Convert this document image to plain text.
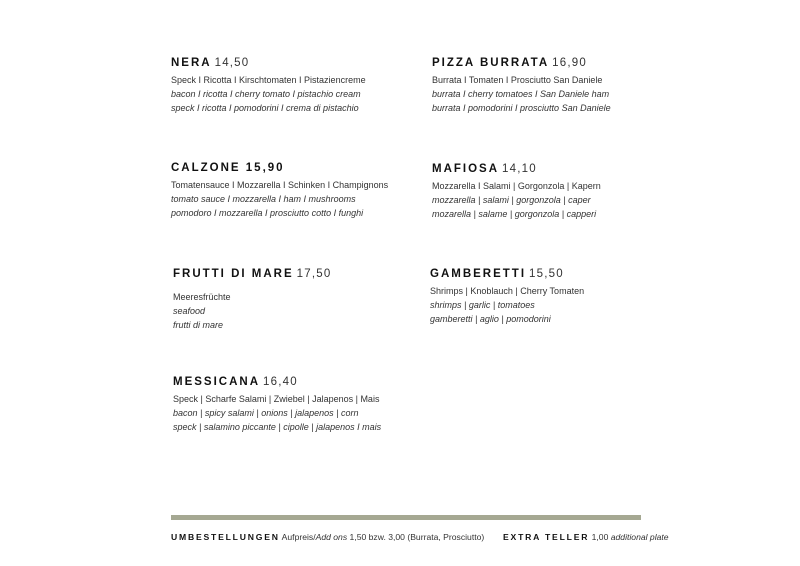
NERA 14,50
Speck I Ricotta I Kirschtomaten I Pistaziencreme
bacon I ricotta I cherry tomato I pistachio cream
speck I ricotta I pomodorini I crema di pistachio
PIZZA BURRATA 16,90
Burrata I Tomaten I Prosciutto San Daniele
burrata I cherry tomatoes I San Daniele ham
burrata I pomodorini I prosciutto San Daniele
CALZONE 15,90
Tomatensauce I Mozzarella I Schinken I Champignons
tomato sauce I mozzarella I ham I mushrooms
pomodoro I mozzarella I prosciutto cotto I funghi
MAFIOSA 14,10
Mozzarella I Salami | Gorgonzola | Kapern
mozzarella | salami | gorgonzola | caper
mozarella | salame | gorgonzola | capperi
FRUTTI DI MARE 17,50
Meeresfrüchte
seafood
frutti di mare
GAMBERETTI 15,50
Shrimps | Knoblauch | Cherry Tomaten
shrimps | garlic | tomatoes
gamberetti | aglio | pomodorini
MESSICANA 16,40
Speck | Scharfe Salami | Zwiebel | Jalapenos | Mais
bacon | spicy salami | onions | jalapenos | corn
speck | salamino piccante | cipolle | jalapenos I mais
UMBESTELLUNGEN Aufpreis/Add ons 1,50 bzw. 3,00 (Burrata, Prosciutto) EXTRA TELLER 1,00 additional plate
